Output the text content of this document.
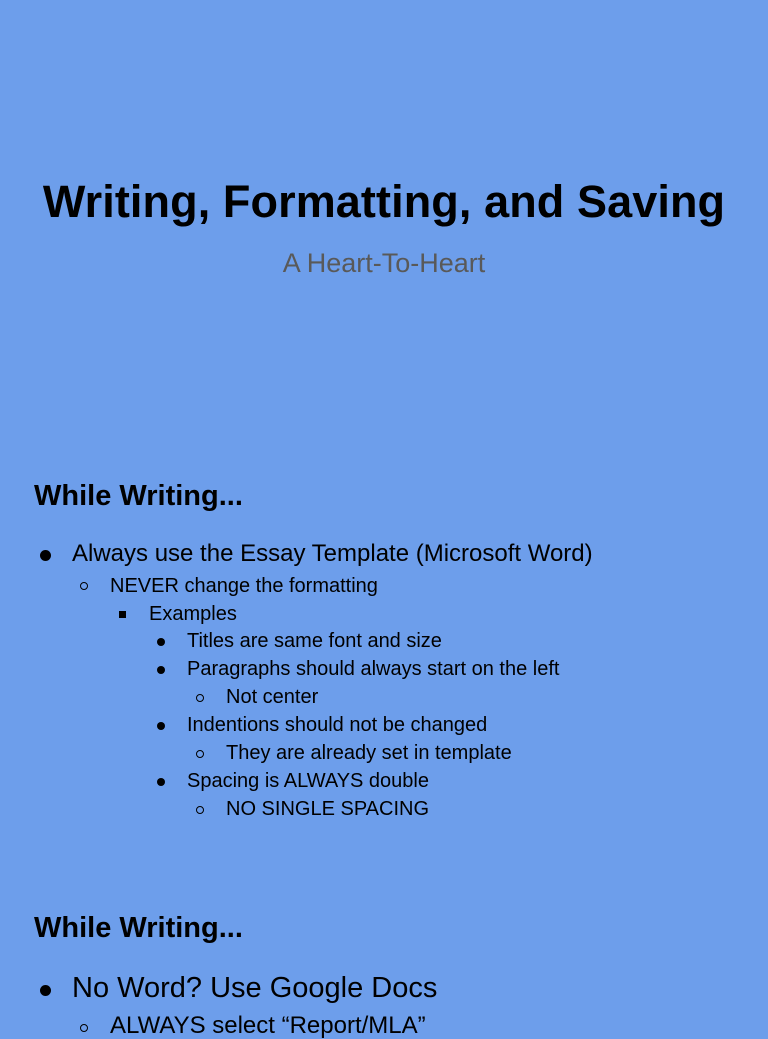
Writing, Formatting, and Saving

A Heart-To-Heart

While Writing...
Always use the Essay Template (Microsoft Word)
NEVER change the formatting
Examples
Titles are same font and size
Paragraphs should always start on the left
Not center
Indentions should not be changed
They are already set in template
Spacing is ALWAYS double
NO SINGLE SPACING
While Writing...
No Word? Use Google Docs
ALWAYS select “Report/MLA”
